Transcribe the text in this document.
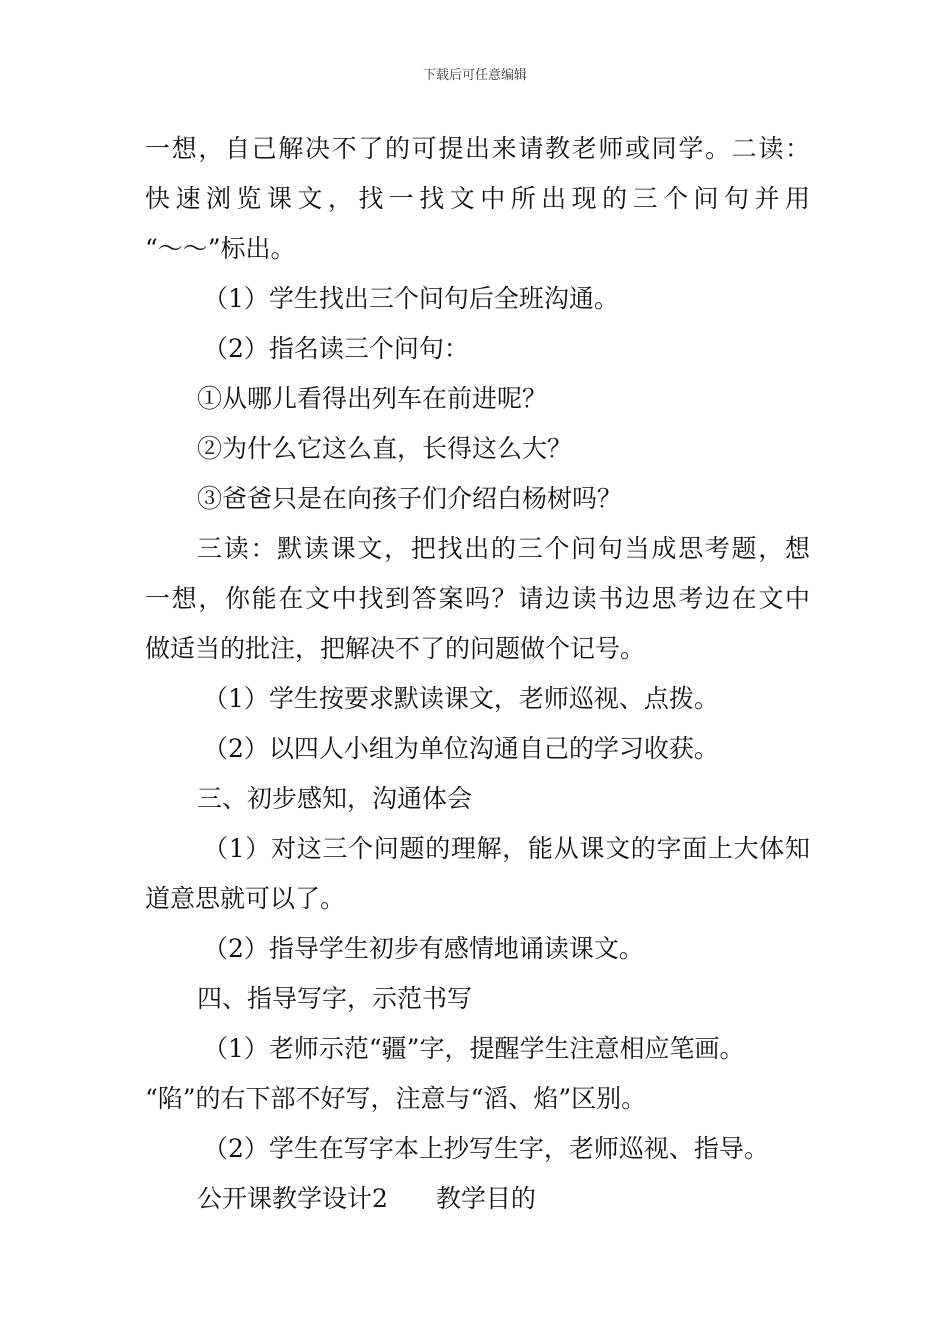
下载后可任意编辑
一想，自己解决不了的可提出来请教老师或同学。二读：
快速浏览课文，找一找文中所出现的三个问句并用
“～～”标出。
（1）学生找出三个问句后全班沟通。
（2）指名读三个问句：
①从哪儿看得出列车在前进呢？
②为什么它这么直，长得这么大？
③爸爸只是在向孩子们介绍白杨树吗？
三读：默读课文，把找出的三个问句当成思考题，想
一想，你能在文中找到答案吗？请边读书边思考边在文中
做适当的批注，把解决不了的问题做个记号。
（1）学生按要求默读课文，老师巡视、点拨。
（2）以四人小组为单位沟通自己的学习收获。
三、初步感知，沟通体会
（1）对这三个问题的理解，能从课文的字面上大体知
道意思就可以了。
（2）指导学生初步有感情地诵读课文。
四、指导写字，示范书写
（1）老师示范“疆”字，提醒学生注意相应笔画。
“陷”的右下部不好写，注意与“滔、焰”区别。
（2）学生在写字本上抄写生字，老师巡视、指导。
公开课教学设计2 教学目的
